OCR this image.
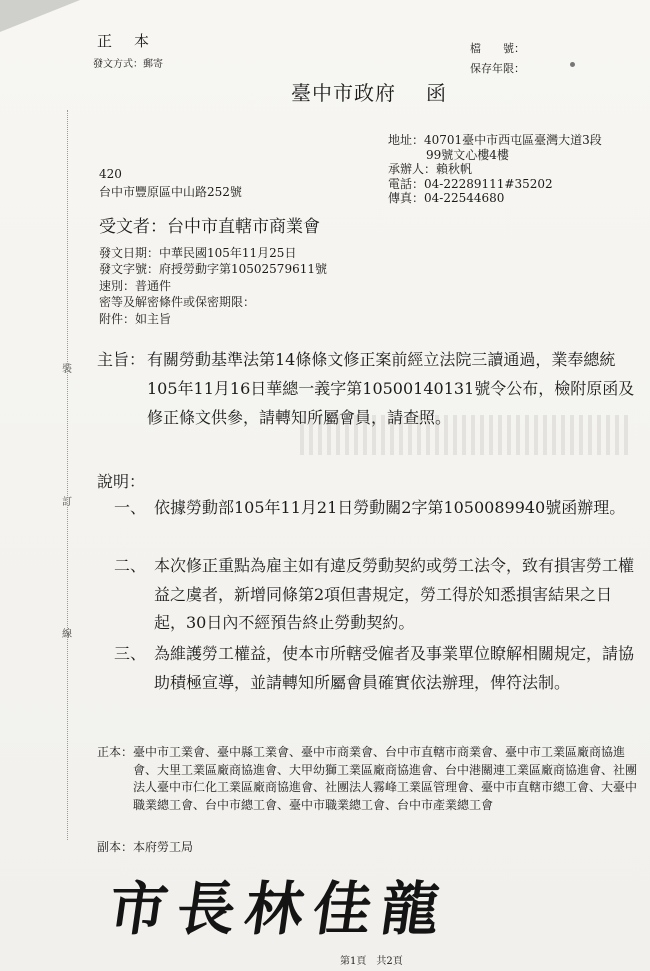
正本
發文方式：郵寄
檔　　號：
保存年限：
臺中市政府 函
地址：40701臺中市西屯區臺灣大道3段
99號文心樓4樓
承辦人：賴秋帆
電話：04-22289111#35202
傳真：04-22544680
420
台中市豐原區中山路252號
受文者：台中市直轄市商業會
發文日期：中華民國105年11月25日
發文字號：府授勞動字第10502579611號
速別：普通件
密等及解密條件或保密期限：
附件：如主旨
主旨： 有關勞動基準法第14條條文修正案前經立法院三讀通過，業奉總統105年11月16日華總一義字第10500140131號令公布，檢附原函及修正條文供參，請轉知所屬會員，請查照。
說明：
一、 依據勞動部105年11月21日勞動關2字第1050089940號函辦理。
二、 本次修正重點為雇主如有違反勞動契約或勞工法令，致有損害勞工權益之虞者，新增同條第2項但書規定，勞工得於知悉損害結果之日起，30日內不經預告終止勞動契約。
三、 為維護勞工權益，使本市所轄受僱者及事業單位瞭解相關規定，請協助積極宣導，並請轉知所屬會員確實依法辦理，俾符法制。
正本： 臺中市工業會、臺中縣工業會、臺中市商業會、台中市直轄市商業會、臺中市工業區廠商協進會、大里工業區廠商協進會、大甲幼獅工業區廠商協進會、台中港關連工業區廠商協進會、社團法人臺中市仁化工業區廠商協進會、社團法人霧峰工業區管理會、臺中市直轄市總工會、大臺中職業總工會、台中市總工會、臺中市職業總工會、台中市產業總工會
副本：本府勞工局
裝
訂
線
市長林佳龍
第1頁 共2頁
